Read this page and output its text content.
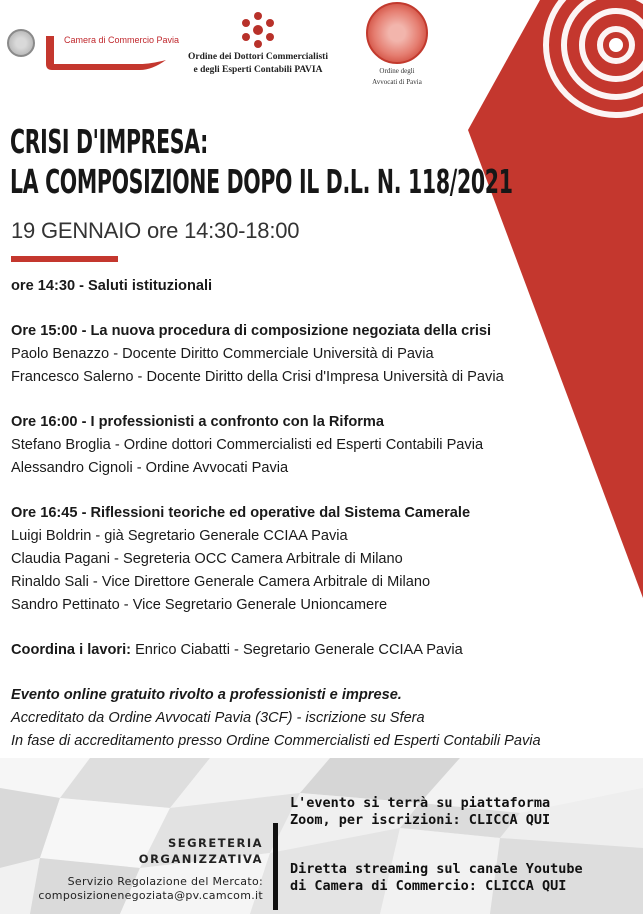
Camera di Commercio Pavia
Ordine dei Dottori Commercialisti
e degli Esperti Contabili PAVIA	Ordine degli
Avvocati di Pavia
CRISI D'IMPRESA:
LA COMPOSIZIONE DOPO IL D.L. N. 118/2021
19 GENNAIO ore 14:30-18:00

ore 14:30 - Saluti istituzionali

Ore 15:00 - La nuova procedura di composizione negoziata della crisi

Paolo Benazzo - Docente Diritto Commerciale Università di Pavia

Francesco Salerno - Docente Diritto della Crisi d'Impresa Università di Pavia

Ore 16:00 - I professionisti a confronto con la Riforma

Stefano Broglia - Ordine dottori Commercialisti ed Esperti Contabili Pavia

Alessandro Cignoli - Ordine Avvocati Pavia

Ore 16:45 - Riflessioni teoriche ed operative dal Sistema Camerale

Luigi Boldrin - già Segretario Generale CCIAA Pavia

Claudia Pagani - Segreteria OCC Camera Arbitrale di Milano

Rinaldo Sali - Vice Direttore Generale Camera Arbitrale di Milano

Sandro Pettinato - Vice Segretario Generale Unioncamere

Coordina i lavori: Enrico Ciabatti - Segretario Generale CCIAA Pavia

Evento online gratuito rivolto a professionisti e imprese.

Accreditato da Ordine Avvocati Pavia (3CF) - iscrizione su Sfera

In fase di accreditamento presso Ordine Commercialisti ed Esperti Contabili Pavia

SEGRETERIA
ORGANIZZATIVA
Servizio Regolazione del Mercato:
composizionenegoziata@pv.camcom.it
L'evento si terrà su piattaforma
Zoom, per iscrizioni: CLICCA QUI
Diretta streaming sul canale Youtube
di Camera di Commercio: CLICCA QUI
